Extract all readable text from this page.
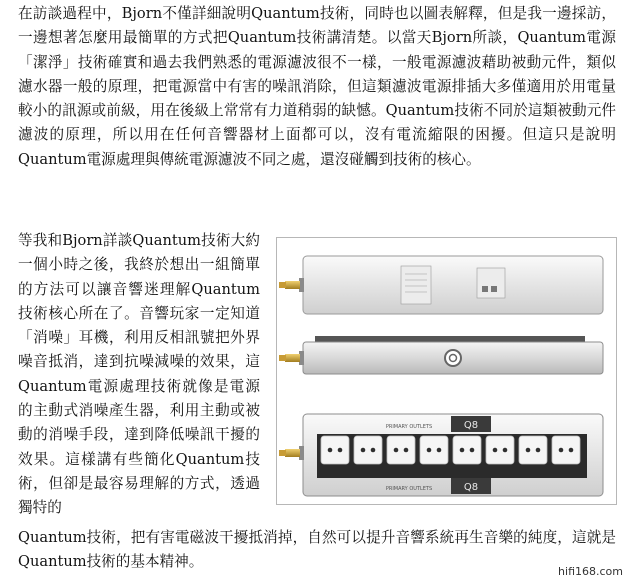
在訪談過程中，Bjorn不僅詳細說明Quantum技術，同時也以圖表解釋，但是我一邊採訪，一邊想著怎麼用最簡單的方式把Quantum技術講清楚。以當天Bjorn所談，Quantum電源「潔淨」技術確實和過去我們熟悉的電源濾波很不一樣，一般電源濾波藉助被動元件，類似濾水器一般的原理，把電源當中有害的噪訊消除，但這類濾波電源排插大多僅適用於用電量較小的訊源或前級，用在後級上常常有力道稍弱的缺憾。Quantum技術不同於這類被動元件濾波的原理，所以用在任何音響器材上面都可以，沒有電流縮限的困擾。但這只是說明Quantum電源處理與傳統電源濾波不同之處，還沒碰觸到技術的核心。
等我和Bjorn詳談Quantum技術大約一個小時之後，我終於想出一組簡單的方法可以讓音響迷理解Quantum技術核心所在了。音響玩家一定知道「消噪」耳機，利用反相訊號把外界噪音抵消，達到抗噪減噪的效果，這Quantum電源處理技術就像是電源的主動式消噪產生器，利用主動或被動的消噪手段，達到降低噪訊干擾的效果。這樣講有些簡化Quantum技術，但卻是最容易理解的方式，透過獨特的
Q8
Q8
PRIMARY OUTLETS
PRIMARY OUTLETS
Quantum技術，把有害電磁波干擾抵消掉，自然可以提升音響系統再生音樂的純度，這就是Quantum技術的基本精神。
hifi168.com
